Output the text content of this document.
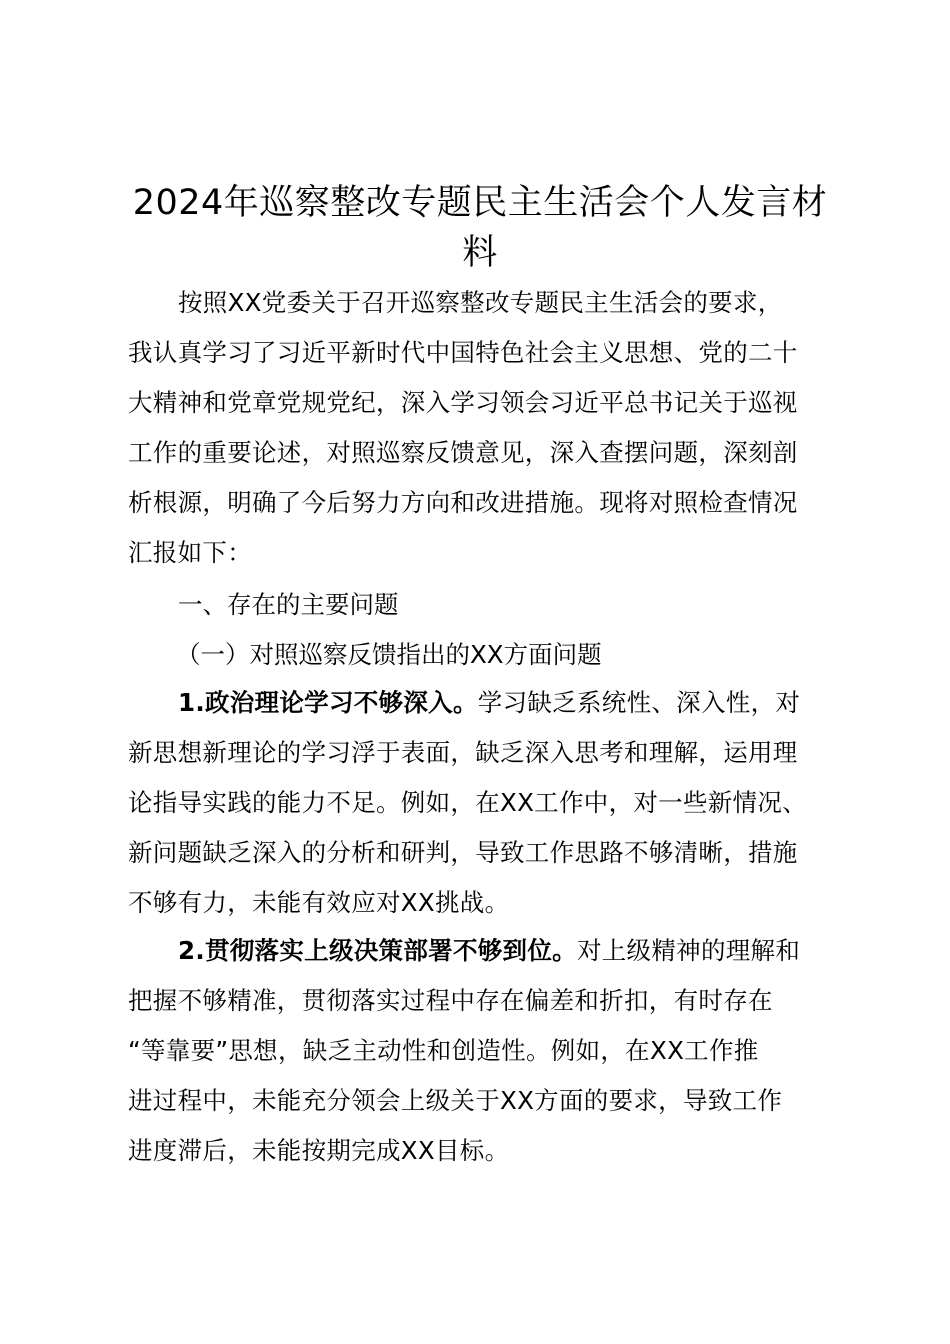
2024年巡察整改专题民主生活会个人发言材
料
按照XX党委关于召开巡察整改专题民主生活会的要求，
我认真学习了习近平新时代中国特色社会主义思想、党的二十
大精神和党章党规党纪，深入学习领会习近平总书记关于巡视
工作的重要论述，对照巡察反馈意见，深入查摆问题，深刻剖
析根源，明确了今后努力方向和改进措施。现将对照检查情况
汇报如下：
一、存在的主要问题
（一）对照巡察反馈指出的XX方面问题
1.政治理论学习不够深入。学习缺乏系统性、深入性，对
新思想新理论的学习浮于表面，缺乏深入思考和理解，运用理
论指导实践的能力不足。例如，在XX工作中，对一些新情况、
新问题缺乏深入的分析和研判，导致工作思路不够清晰，措施
不够有力，未能有效应对XX挑战。
2.贯彻落实上级决策部署不够到位。对上级精神的理解和
把握不够精准，贯彻落实过程中存在偏差和折扣，有时存在
“等靠要”思想，缺乏主动性和创造性。例如，在XX工作推
进过程中，未能充分领会上级关于XX方面的要求，导致工作
进度滞后，未能按期完成XX目标。
